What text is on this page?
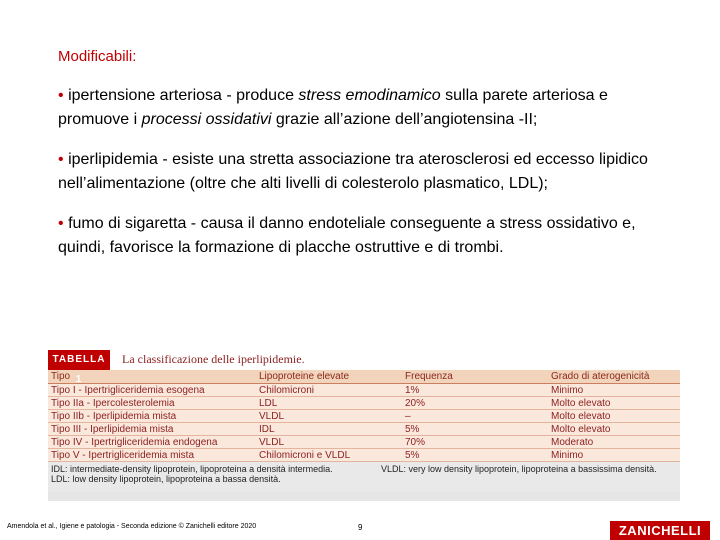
Modificabili:
• ipertensione arteriosa - produce stress emodinamico sulla parete arteriosa e promuove i processi ossidativi grazie all’azione dell’angiotensina -II;
• iperlipidemia - esiste una stretta associazione tra aterosclerosi ed eccesso lipidico nell’alimentazione (oltre che alti livelli di colesterolo plasmatico, LDL);
• fumo di sigaretta - causa il danno endoteliale conseguente a stress ossidativo e, quindi, favorisce la formazione di placche ostruttive e di trombi.
TABELLA 1
La classificazione delle iperlipidemie.
Tipo	Lipoproteine elevate	Frequenza	Grado di aterogenicità
Tipo I - Ipertrigliceridemia esogena	Chilomicroni	1%	Minimo
Tipo IIa - Ipercolesterolemia	LDL	20%	Molto elevato
Tipo IIb - Iperlipidemia mista	VLDL	–	Molto elevato
Tipo III - Iperlipidemia mista	IDL	5%	Molto elevato
Tipo IV - Ipertrigliceridemia endogena	VLDL	70%	Moderato
Tipo V - Ipertrigliceridemia mista	Chilomicroni e VLDL	5%	Minimo
IDL: intermediate-density lipoprotein, lipoproteina a densità intermedia.
LDL: low density lipoprotein, lipoproteina a bassa densità.
VLDL: very low density lipoprotein, lipoproteina a bassissima densità.
Amendola et al., Igiene e patologia - Seconda edizione © Zanichelli editore 2020	9	ZANICHELLI
